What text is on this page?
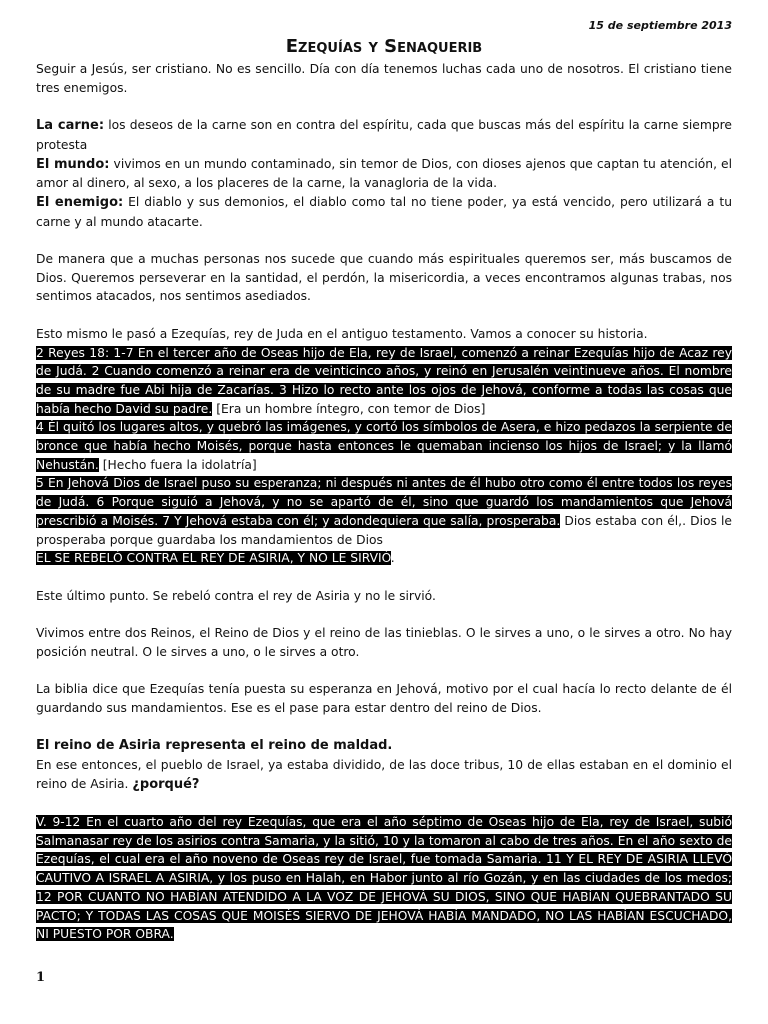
15 de septiembre 2013
Ezequías y Senaquerib

Seguir a Jesús, ser cristiano. No es sencillo. Día con día tenemos luchas cada uno de nosotros. El cristiano tiene tres enemigos.

La carne: los deseos de la carne son en contra del espíritu, cada que buscas más del espíritu la carne siempre protesta

El mundo: vivimos en un mundo contaminado, sin temor de Dios, con dioses ajenos que captan tu atención, el amor al dinero, al sexo, a los placeres de la carne, la vanagloria de la vida.

El enemigo: El diablo y sus demonios, el diablo como tal no tiene poder, ya está vencido, pero utilizará a tu carne y al mundo atacarte.

De manera que a muchas personas nos sucede que cuando más espirituales queremos ser, más buscamos de Dios. Queremos perseverar en la santidad, el perdón, la misericordia, a veces encontramos algunas trabas, nos sentimos atacados, nos sentimos asediados.

Esto mismo le pasó a Ezequías, rey de Juda en el antiguo testamento. Vamos a conocer su historia.

2 Reyes 18: 1-7 En el tercer año de Oseas hijo de Ela, rey de Israel, comenzó a reinar Ezequías hijo de Acaz rey de Judá. 2 Cuando comenzó a reinar era de veinticinco años, y reinó en Jerusalén veintinueve años. El nombre de su madre fue Abi hija de Zacarías. 3 Hizo lo recto ante los ojos de Jehová, conforme a todas las cosas que había hecho David su padre. [Era un hombre íntegro, con temor de Dios]

4 Él quitó los lugares altos, y quebró las imágenes, y cortó los símbolos de Asera, e hizo pedazos la serpiente de bronce que había hecho Moisés, porque hasta entonces le quemaban incienso los hijos de Israel; y la llamó Nehustán. [Hecho fuera la idolatría]

5 En Jehová Dios de Israel puso su esperanza; ni después ni antes de él hubo otro como él entre todos los reyes de Judá. 6 Porque siguió a Jehová, y no se apartó de él, sino que guardó los mandamientos que Jehová prescribió a Moisés. 7 Y Jehová estaba con él; y adondequiera que salía, prosperaba. Dios estaba con él,. Dios le prosperaba porque guardaba los mandamientos de Dios

EL SE REBELÓ CONTRA EL REY DE ASIRIA, Y NO LE SIRVIÓ.

Este último punto. Se rebeló contra el rey de Asiria y no le sirvió.

Vivimos entre dos Reinos, el Reino de Dios y el reino de las tinieblas. O le sirves a uno, o le sirves a otro. No hay posición neutral. O le sirves a uno, o le sirves a otro.

La biblia dice que Ezequías tenía puesta su esperanza en Jehová, motivo por el cual hacía lo recto delante de él guardando sus mandamientos. Ese es el pase para estar dentro del reino de Dios.

El reino de Asiria representa el reino de maldad.

En ese entonces, el pueblo de Israel, ya estaba dividido, de las doce tribus, 10 de ellas estaban en el dominio el reino de Asiria. ¿porqué?

V. 9-12 En el cuarto año del rey Ezequías, que era el año séptimo de Oseas hijo de Ela, rey de Israel, subió Salmanasar rey de los asirios contra Samaria, y la sitió, 10 y la tomaron al cabo de tres años. En el año sexto de Ezequías, el cual era el año noveno de Oseas rey de Israel, fue tomada Samaria. 11 Y EL REY DE ASIRIA LLEVÓ CAUTIVO A ISRAEL A ASIRIA, y los puso en Halah, en Habor junto al río Gozán, y en las ciudades de los medos; 12 POR CUANTO NO HABÍAN ATENDIDO A LA VOZ DE JEHOVÁ SU DIOS, SINO QUE HABÍAN QUEBRANTADO SU PACTO; Y TODAS LAS COSAS QUE MOISÉS SIERVO DE JEHOVÁ HABÍA MANDADO, NO LAS HABÍAN ESCUCHADO, NI PUESTO POR OBRA.

1
